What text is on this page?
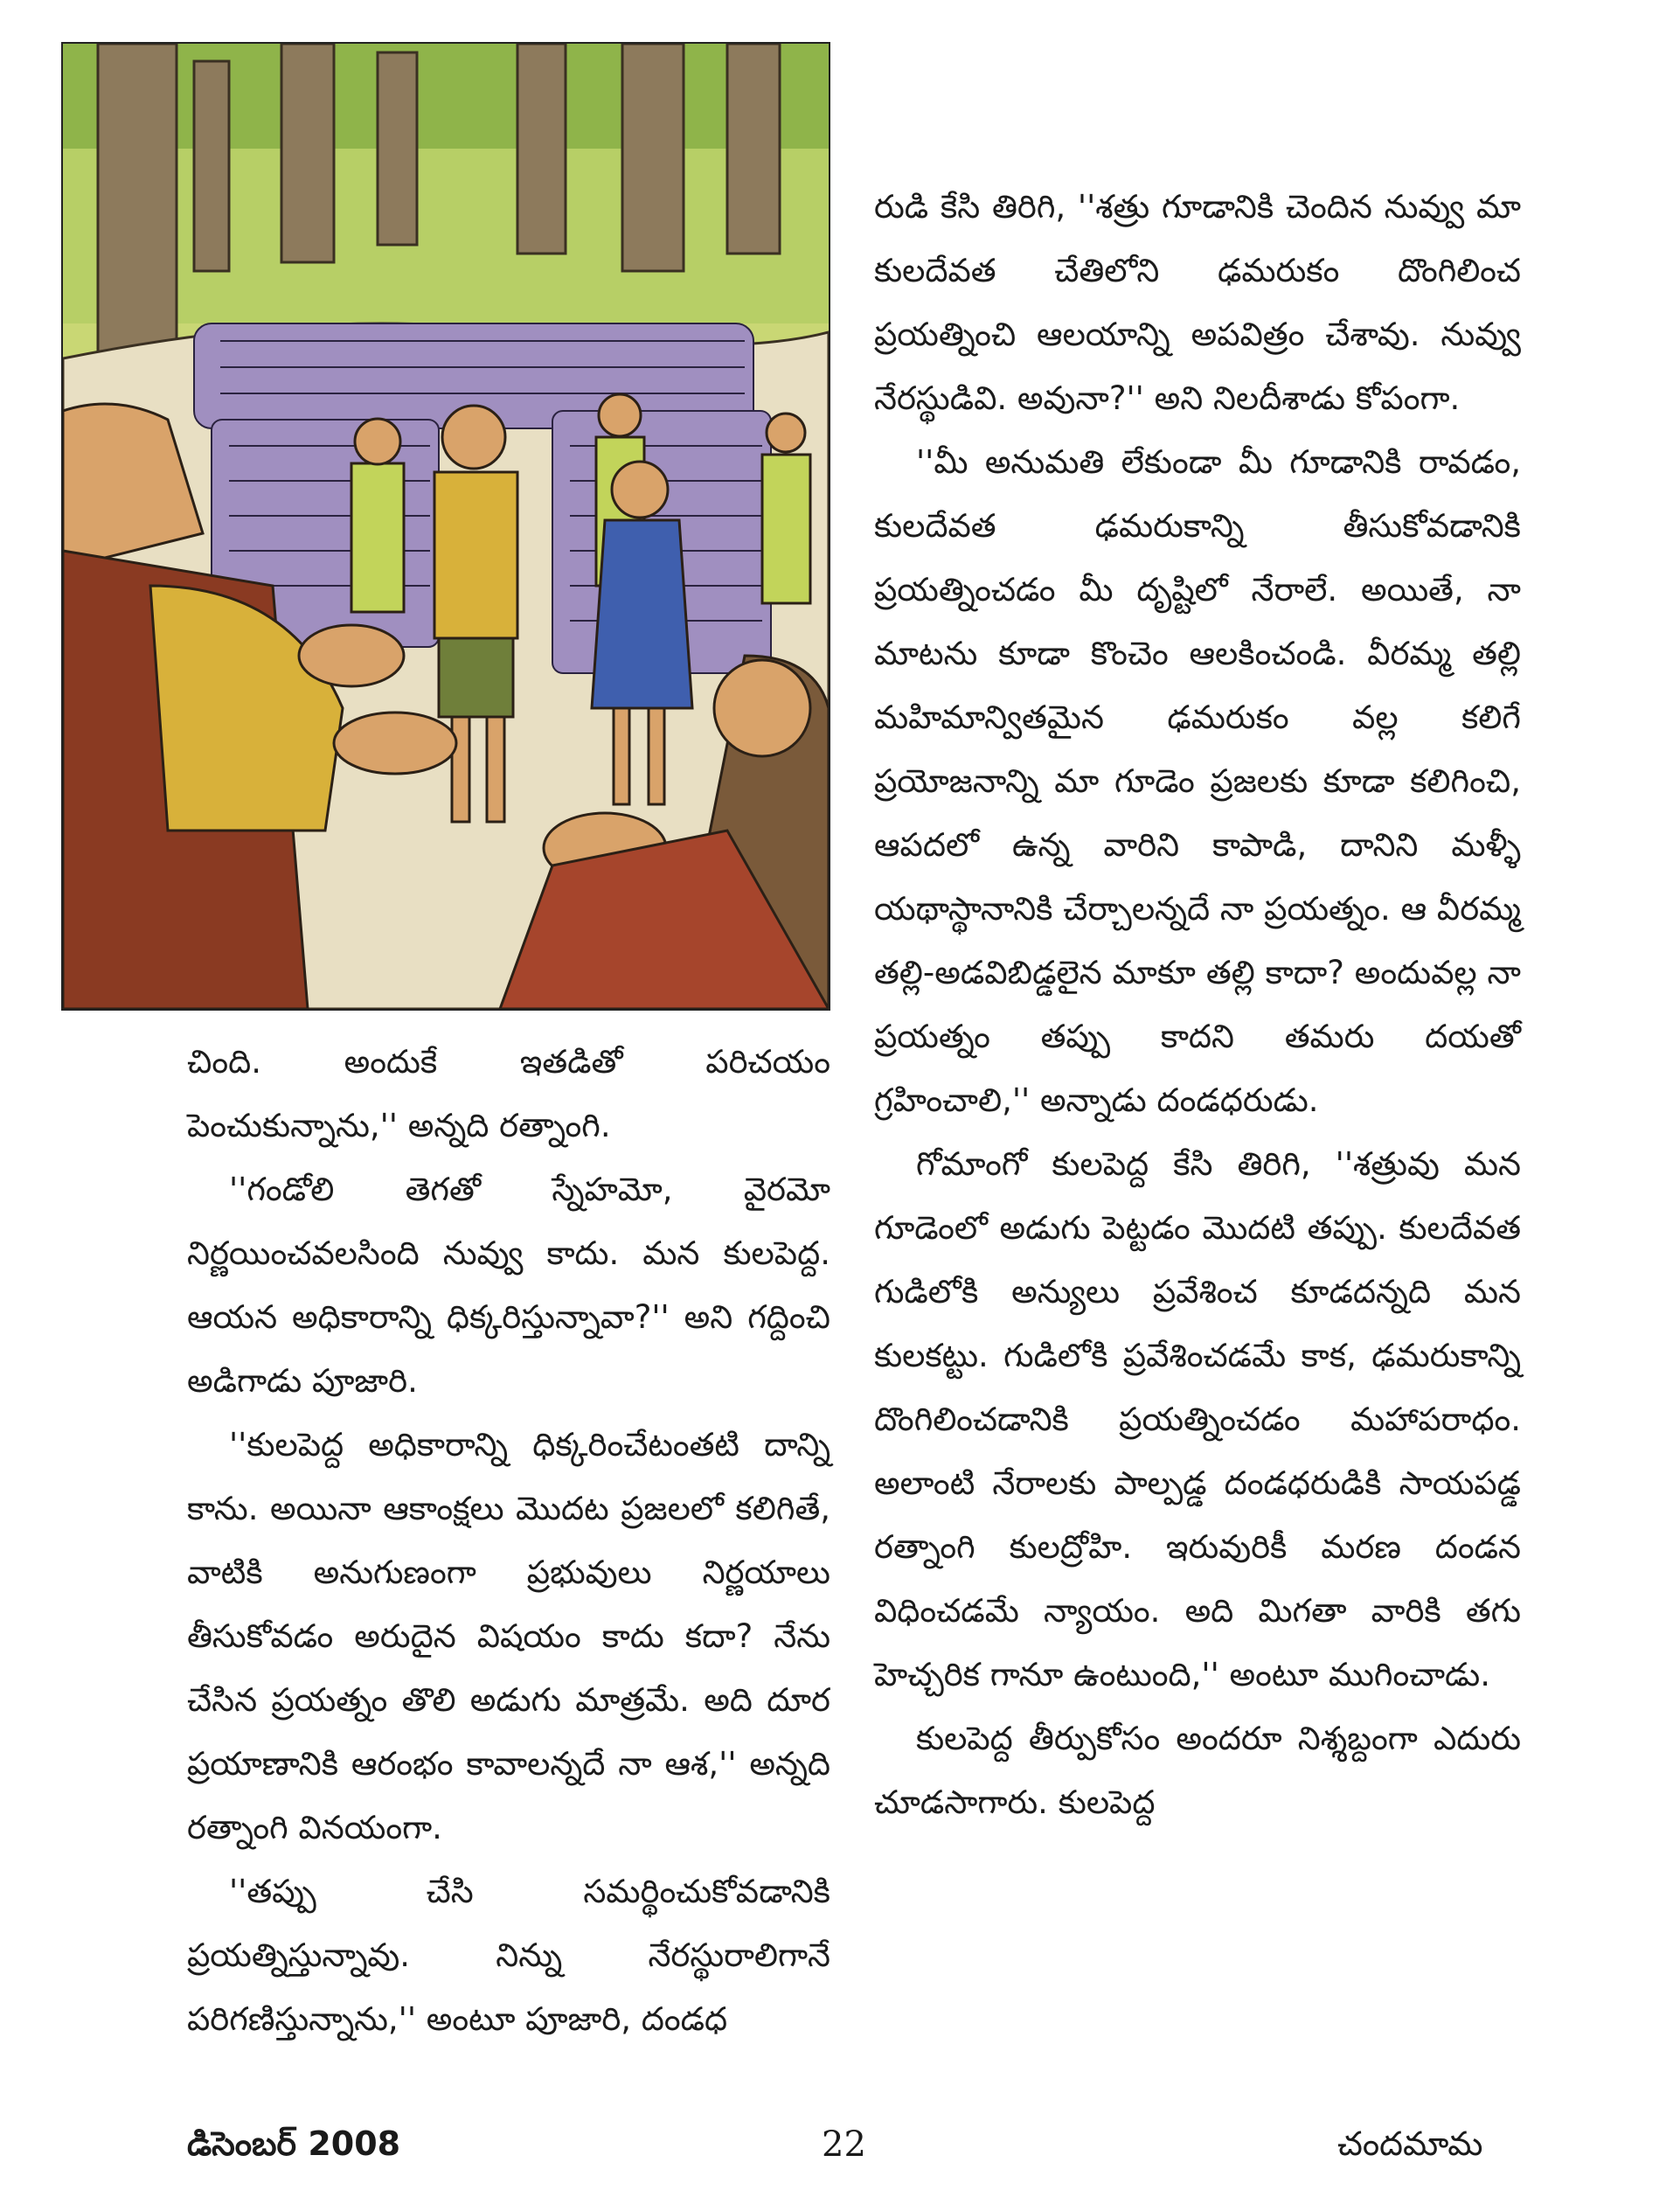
చింది. అందుకే ఇతడితో పరిచయం పెంచుకున్నాను,'' అన్నది రత్నాంగి.

''గండోలి తెగతో స్నేహమో, వైరమో నిర్ణయించవలసింది నువ్వు కాదు. మన కులపెద్ద. ఆయన అధికారాన్ని ధిక్కరిస్తున్నావా?'' అని గద్దించి అడిగాడు పూజారి.

''కులపెద్ద అధికారాన్ని ధిక్కరించేటంతటి దాన్ని కాను. అయినా ఆకాంక్షలు మొదట ప్రజలలో కలిగితే, వాటికి అనుగుణంగా ప్రభువులు నిర్ణయాలు తీసుకోవడం అరుదైన విషయం కాదు కదా? నేను చేసిన ప్రయత్నం తొలి అడుగు మాత్రమే. అది దూర ప్రయాణానికి ఆరంభం కావాలన్నదే నా ఆశ,'' అన్నది రత్నాంగి వినయంగా.

''తప్పు చేసి సమర్థించుకోవడానికి ప్రయత్నిస్తున్నావు. నిన్ను నేరస్థురాలిగానే పరిగణిస్తున్నాను,'' అంటూ పూజారి, దండధ

రుడి కేసి తిరిగి, ''శత్రు గూడానికి చెందిన నువ్వు మా కులదేవత చేతిలోని ఢమరుకం దొంగిలించ ప్రయత్నించి ఆలయాన్ని అపవిత్రం చేశావు. నువ్వు నేరస్థుడివి. అవునా?'' అని నిలదీశాడు కోపంగా.

''మీ అనుమతి లేకుండా మీ గూడానికి రావడం, కులదేవత ఢమరుకాన్ని తీసుకోవడానికి ప్రయత్నించడం మీ దృష్టిలో నేరాలే. అయితే, నా మాటను కూడా కొంచెం ఆలకించండి. వీరమ్మ తల్లి మహిమాన్వితమైన ఢమరుకం వల్ల కలిగే ప్రయోజనాన్ని మా గూడెం ప్రజలకు కూడా కలిగించి, ఆపదలో ఉన్న వారిని కాపాడి, దానిని మళ్ళీ యథాస్థానానికి చేర్చాలన్నదే నా ప్రయత్నం. ఆ వీరమ్మ తల్లి-అడవిబిడ్డలైన మాకూ తల్లి కాదా? అందువల్ల నా ప్రయత్నం తప్పు కాదని తమరు దయతో గ్రహించాలి,'' అన్నాడు దండధరుడు.

గోమాంగో కులపెద్ద కేసి తిరిగి, ''శత్రువు మన గూడెంలో అడుగు పెట్టడం మొదటి తప్పు. కులదేవత గుడిలోకి అన్యులు ప్రవేశించ కూడదన్నది మన కులకట్టు. గుడిలోకి ప్రవేశించడమే కాక, ఢమరుకాన్ని దొంగిలించడానికి ప్రయత్నించడం మహాపరాధం. అలాంటి నేరాలకు పాల్పడ్డ దండధరుడికి సాయపడ్డ రత్నాంగి కులద్రోహి. ఇరువురికీ మరణ దండన విధించడమే న్యాయం. అది మిగతా వారికి తగు హెచ్చరిక గానూ ఉంటుంది,'' అంటూ ముగించాడు.

కులపెద్ద తీర్పుకోసం అందరూ నిశ్శబ్దంగా ఎదురు చూడసాగారు. కులపెద్ద

డిసెంబర్ 2008	22	చందమామ
